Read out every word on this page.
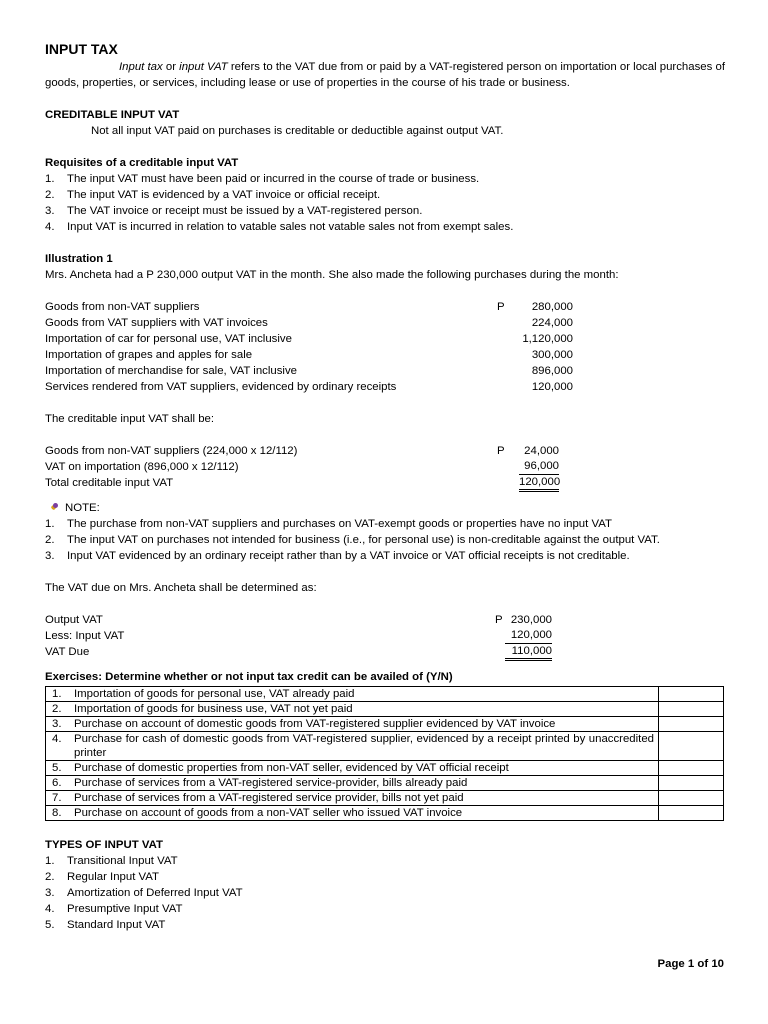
INPUT TAX

Input tax or input VAT refers to the VAT due from or paid by a VAT-registered person on importation or local purchases of goods, properties, or services, including lease or use of properties in the course of his trade or business.

CREDITABLE INPUT VAT

Not all input VAT paid on purchases is creditable or deductible against output VAT.

Requisites of a creditable input VAT
1.	The input VAT must have been paid or incurred in the course of trade or business.
2.	The input VAT is evidenced by a VAT invoice or official receipt.
3.	The VAT invoice or receipt must be issued by a VAT-registered person.
4.	Input VAT is incurred in relation to vatable sales not vatable sales not from exempt sales.
Illustration 1
Mrs. Ancheta had a P 230,000 output VAT in the month. She also made the following purchases during the month:
Goods from non-VAT suppliers	P	280,000
Goods from VAT suppliers with VAT invoices	224,000
Importation of car for personal use, VAT inclusive	1,120,000
Importation of grapes and apples for sale	300,000
Importation of merchandise for sale, VAT inclusive	896,000
Services rendered from VAT suppliers, evidenced by ordinary receipts	120,000
The creditable input VAT shall be:
Goods from non-VAT suppliers (224,000 x 12/112)	P	24,000
VAT on importation (896,000 x 12/112)	96,000
Total creditable input VAT	120,000
NOTE:
1.	The purchase from non-VAT suppliers and purchases on VAT-exempt goods or properties have no input VAT
2.	The input VAT on purchases not intended for business (i.e., for personal use) is non-creditable against the output VAT.
3.	Input VAT evidenced by an ordinary receipt rather than by a VAT invoice or VAT official receipts is not creditable.
The VAT due on Mrs. Ancheta shall be determined as:
Output VAT	P 230,000
Less: Input VAT	120,000
VAT Due	110,000
Exercises: Determine whether or not input tax credit can be availed of (Y/N)
1. Importation of goods for personal use, VAT already paid	

2. Importation of goods for business use, VAT not yet paid	

3. Purchase on account of domestic goods from VAT-registered supplier evidenced by VAT invoice	

4. Purchase for cash of domestic goods from VAT-registered supplier, evidenced by a receipt printed by unaccredited printer	

5. Purchase of domestic properties from non-VAT seller, evidenced by VAT official receipt	

6. Purchase of services from a VAT-registered service-provider, bills already paid	

7. Purchase of services from a VAT-registered service provider, bills not yet paid	

8. Purchase on account of goods from a non-VAT seller who issued VAT invoice	

TYPES OF INPUT VAT
1.	Transitional Input VAT
2.	Regular Input VAT
3.	Amortization of Deferred Input VAT
4.	Presumptive Input VAT
5.	Standard Input VAT
Page 1 of 10
